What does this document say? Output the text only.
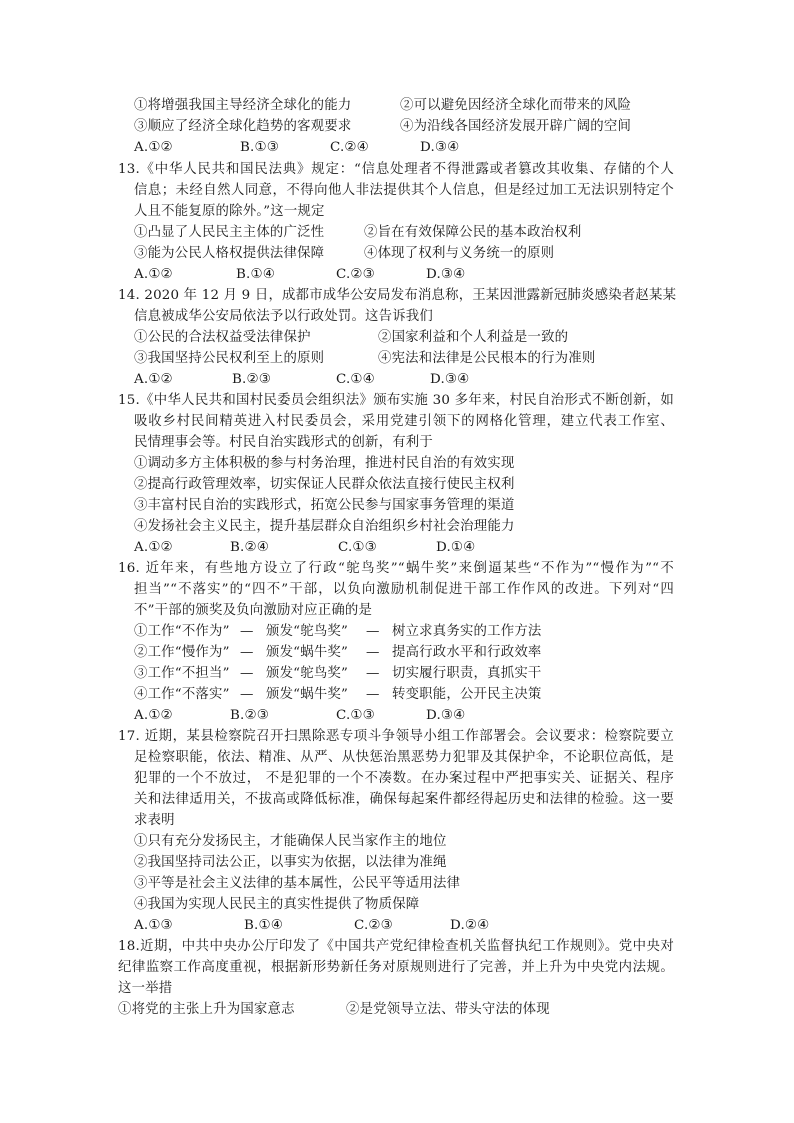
①将增强我国主导经济全球化的能力	②可以避免因经济全球化而带来的风险
③顺应了经济全球化趋势的客观要求	④为沿线各国经济发展开辟广阔的空间
A.①②	B.①③	C.②④	D.③④
13.《中华人民共和国民法典》规定：“信息处理者不得泄露或者篡改其收集、存储的个人
信息；未经自然人同意，不得向他人非法提供其个人信息，但是经过加工无法识别特定个
人且不能复原的除外。”这一规定
①凸显了人民民主主体的广泛性	②旨在有效保障公民的基本政治权利
③能为公民人格权提供法律保障	④体现了权利与义务统一的原则
A.①②	B.①④	C.②③	D.③④
14. 2020 年 12 月 9 日，成都市成华公安局发布消息称，王某因泄露新冠肺炎感染者赵某某
信息被成华公安局依法予以行政处罚。这告诉我们
①公民的合法权益受法律保护	②国家利益和个人利益是一致的
③我国坚持公民权利至上的原则	④宪法和法律是公民根本的行为准则
A.①②	B.②③	C.①④	D.③④
15.《中华人民共和国村民委员会组织法》颁布实施 30 多年来，村民自治形式不断创新，如
吸收乡村民间精英进入村民委员会，采用党建引领下的网格化管理，建立代表工作室、
民情理事会等。村民自治实践形式的创新，有利于
①调动多方主体积极的参与村务治理，推进村民自治的有效实现
②提高行政管理效率，切实保证人民群众依法直接行使民主权利
③丰富村民自治的实践形式，拓宽公民参与国家事务管理的渠道
④发扬社会主义民主，提升基层群众自治组织乡村社会治理能力
A.①②	B.②④	C.①③	D.①④
16. 近年来，有些地方设立了行政“鸵鸟奖”“蜗牛奖”来倒逼某些“不作为”“慢作为”“不
担当”“不落实”的“四不”干部，以负向激励机制促进干部工作作风的改进。下列对“四
不”干部的颁奖及负向激励对应正确的是
①工作“不作为” — 颁发“鸵鸟奖” — 树立求真务实的工作方法
②工作“慢作为” — 颁发“蜗牛奖” — 提高行政水平和行政效率
③工作“不担当” — 颁发“鸵鸟奖” — 切实履行职责，真抓实干
④工作“不落实” — 颁发“蜗牛奖” — 转变职能，公开民主决策
A.①②	B.②③	C.①③	D.③④
17. 近期，某县检察院召开扫黑除恶专项斗争领导小组工作部署会。会议要求：检察院要立
足检察职能，依法、精准、从严、从快惩治黑恶势力犯罪及其保护伞，不论职位高低，是
犯罪的一个不放过， 不是犯罪的一个不凑数。在办案过程中严把事实关、证据关、程序
关和法律适用关，不拔高或降低标准，确保每起案件都经得起历史和法律的检验。这一要
求表明
①只有充分发扬民主，才能确保人民当家作主的地位
②我国坚持司法公正，以事实为依据，以法律为准绳
③平等是社会主义法律的基本属性，公民平等适用法律
④我国为实现人民民主的真实性提供了物质保障
A.①③	B.①④	C.②③	D.②④
18.近期，中共中央办公厅印发了《中国共产党纪律检查机关监督执纪工作规则》。党中央对
纪律监察工作高度重视，根据新形势新任务对原规则进行了完善，并上升为中央党内法规。
这一举措
①将党的主张上升为国家意志	②是党领导立法、带头守法的体现
